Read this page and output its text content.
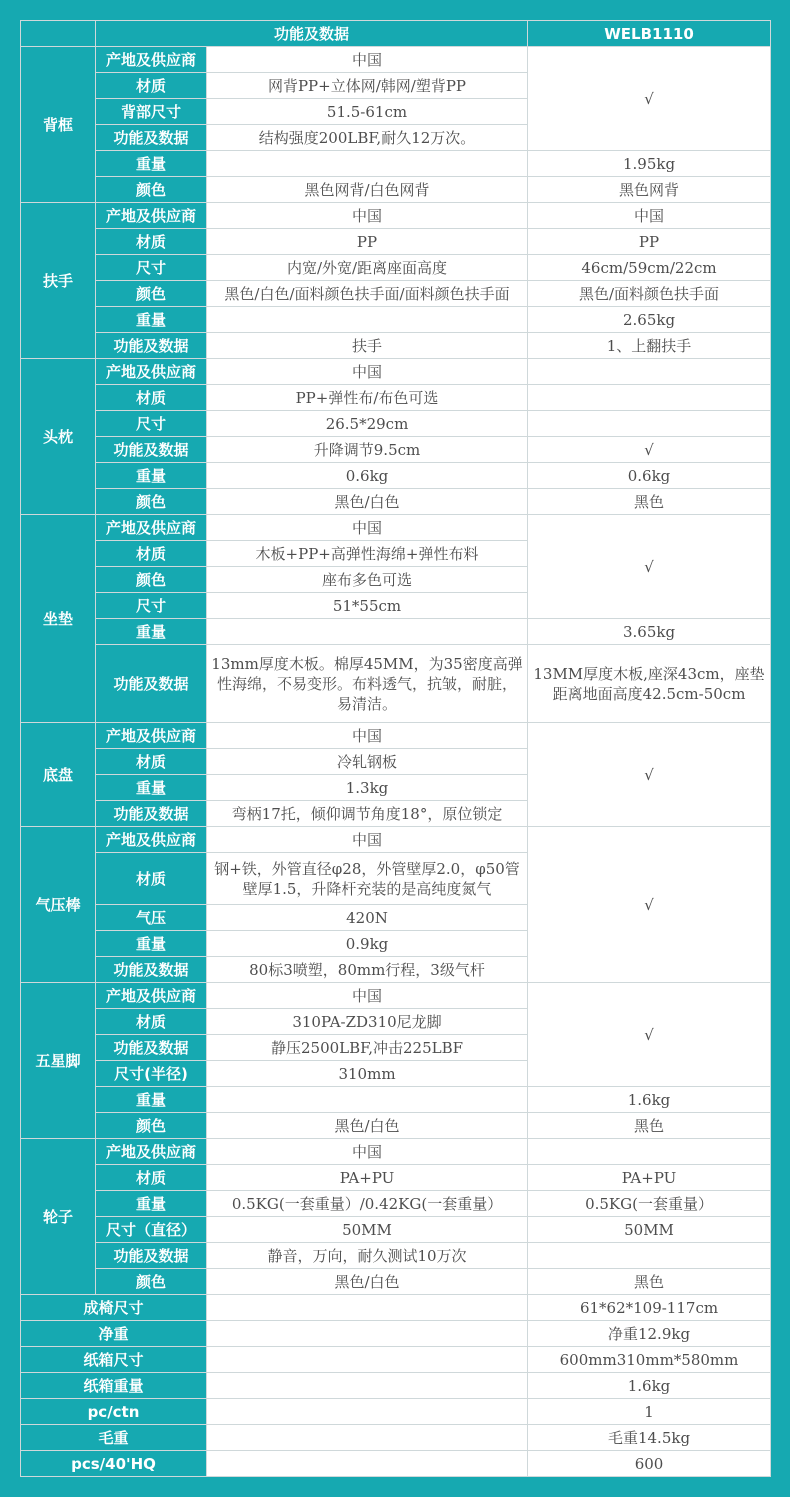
	功能及数据		WELB1110
背框	产地及供应商	中国	√
	材质	网背PP+立体网/韩网/塑背PP	
	背部尺寸	51.5-61cm	
	功能及数据	结构强度200LBF,耐久12万次。	
	重量		1.95kg
	颜色	黑色网背/白色网背	黑色网背
扶手	产地及供应商	中国	中国
	材质	PP	PP
	尺寸	内宽/外宽/距离座面高度	46cm/59cm/22cm
	颜色	黑色/白色/面料颜色扶手面/面料颜色扶手面	黑色/面料颜色扶手面
	重量		2.65kg
	功能及数据	扶手	1、上翻扶手
头枕	产地及供应商	中国	
	材质	PP+弹性布/布色可选	
	尺寸	26.5*29cm	
	功能及数据	升降调节9.5cm	√
	重量	0.6kg	0.6kg
	颜色	黑色/白色	黑色
坐垫	产地及供应商	中国	√
	材质	木板+PP+高弹性海绵+弹性布料	
	颜色	座布多色可选	
	尺寸	51*55cm	
	重量		3.65kg
	功能及数据	13mm厚度木板。棉厚45MM，为35密度高弹性海绵，不易变形。布料透气，抗皱，耐脏，易清洁。	13MM厚度木板,座深43cm，座垫距离地面高度42.5cm-50cm
底盘	产地及供应商	中国	√
	材质	冷轧钢板	
	重量	1.3kg	
	功能及数据	弯柄17托，倾仰调节角度18°，原位锁定	
气压棒	产地及供应商	中国	√
	材质	钢+铁，外管直径φ28，外管壁厚2.0，φ50管壁厚1.5，升降杆充装的是高纯度氮气	
	气压	420N	
	重量	0.9kg	
	功能及数据	80标3喷塑，80mm行程，3级气杆	
五星脚	产地及供应商	中国	√
	材质	310PA-ZD310尼龙脚	
	功能及数据	静压2500LBF,冲击225LBF	
	尺寸(半径)	310mm	
	重量		1.6kg
	颜色	黑色/白色	黑色
轮子	产地及供应商	中国	
	材质	PA+PU	PA+PU
	重量	0.5KG(一套重量）/0.42KG(一套重量）	0.5KG(一套重量）
	尺寸（直径）	50MM	50MM
	功能及数据	静音，万向，耐久测试10万次	
	颜色	黑色/白色	黑色
成椅尺寸			61*62*109-117cm
净重			净重12.9kg
纸箱尺寸			600mm310mm*580mm
纸箱重量			1.6kg
pc/ctn			1
毛重			毛重14.5kg
pcs/40'HQ			600
